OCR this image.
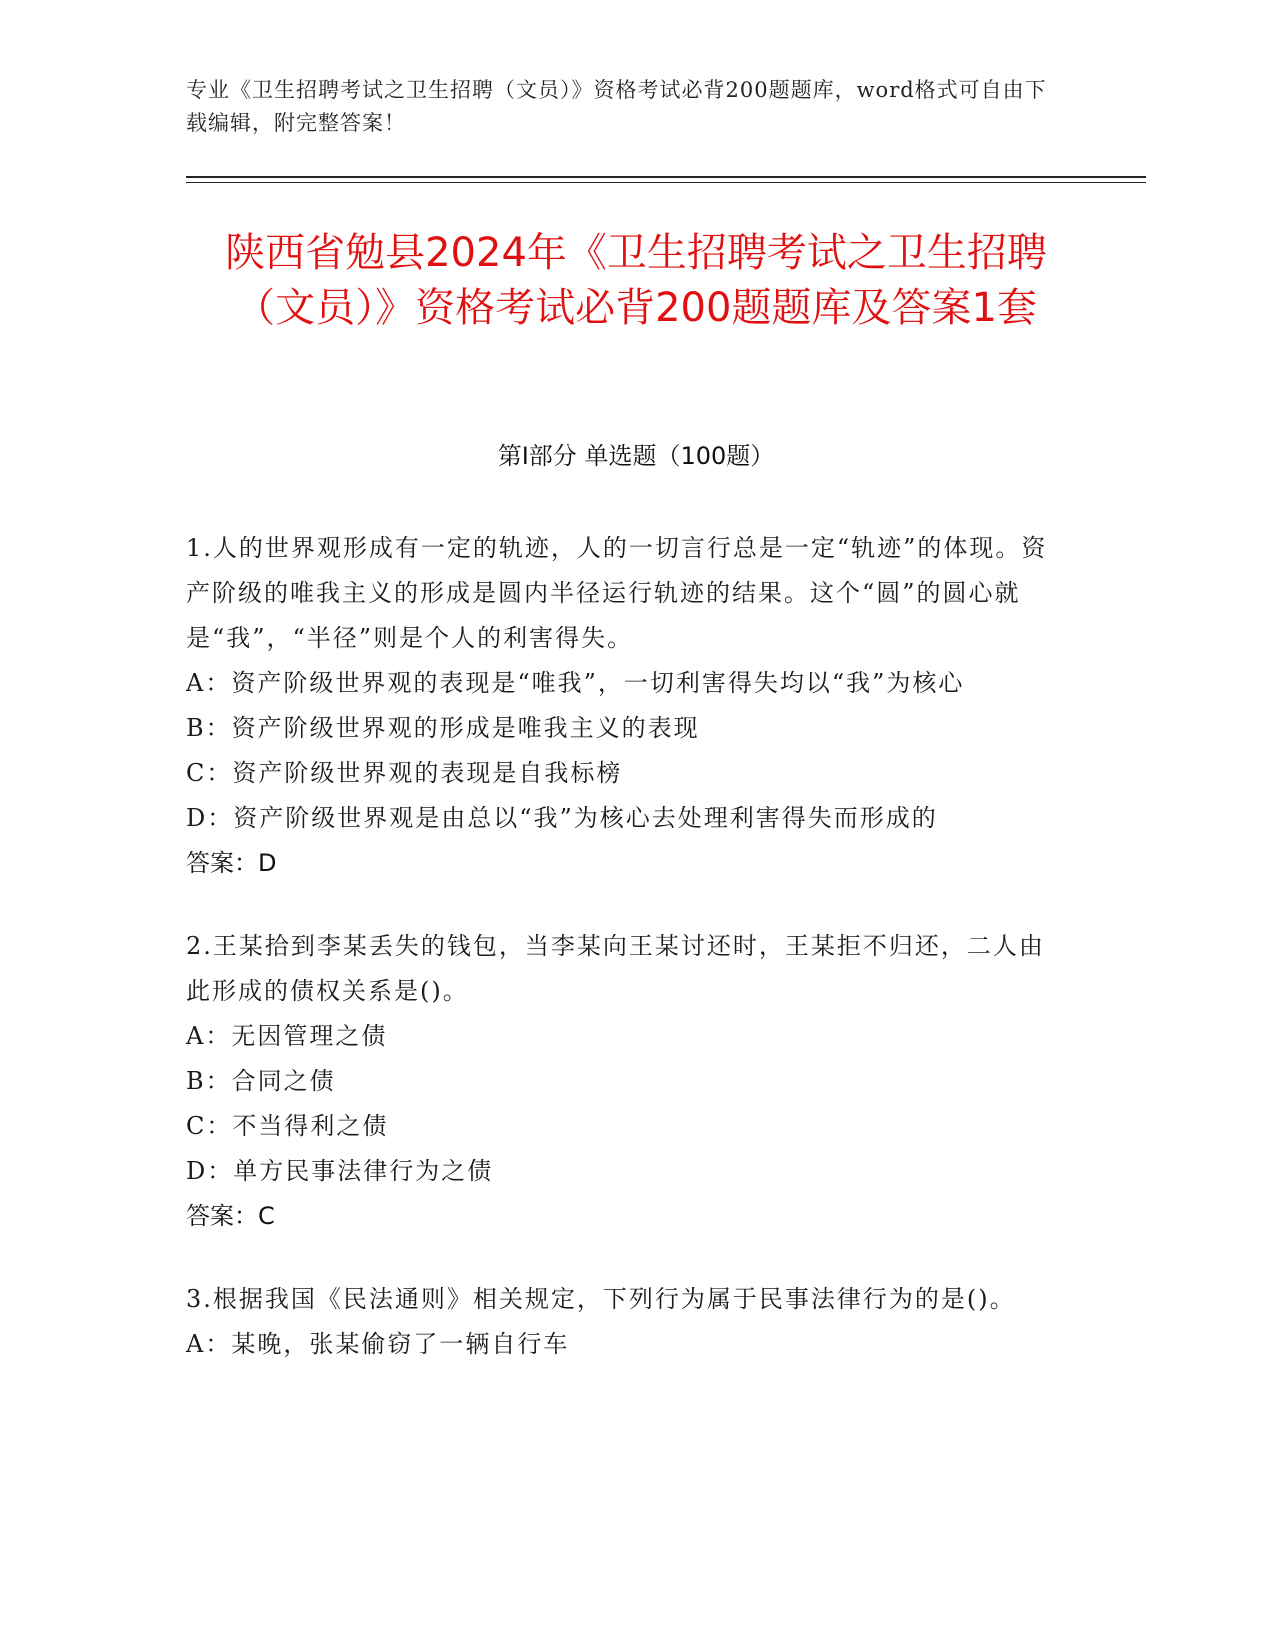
专业《卫生招聘考试之卫生招聘（文员）》资格考试必背200题题库，word格式可自由下载编辑，附完整答案！
陕西省勉县2024年《卫生招聘考试之卫生招聘（文员）》资格考试必背200题题库及答案1套
第Ⅰ部分 单选题（100题）
1.人的世界观形成有一定的轨迹，人的一切言行总是一定“轨迹”的体现。资产阶级的唯我主义的形成是圆内半径运行轨迹的结果。这个“圆”的圆心就是“我”，“半径”则是个人的利害得失。
A：资产阶级世界观的表现是“唯我”，一切利害得失均以“我”为核心
B：资产阶级世界观的形成是唯我主义的表现
C：资产阶级世界观的表现是自我标榜
D：资产阶级世界观是由总以“我”为核心去处理利害得失而形成的
答案：D
2.王某拾到李某丢失的钱包，当李某向王某讨还时，王某拒不归还，二人由此形成的债权关系是()。
A：无因管理之债
B：合同之债
C：不当得利之债
D：单方民事法律行为之债
答案：C
3.根据我国《民法通则》相关规定，下列行为属于民事法律行为的是()。
A：某晚，张某偷窃了一辆自行车
